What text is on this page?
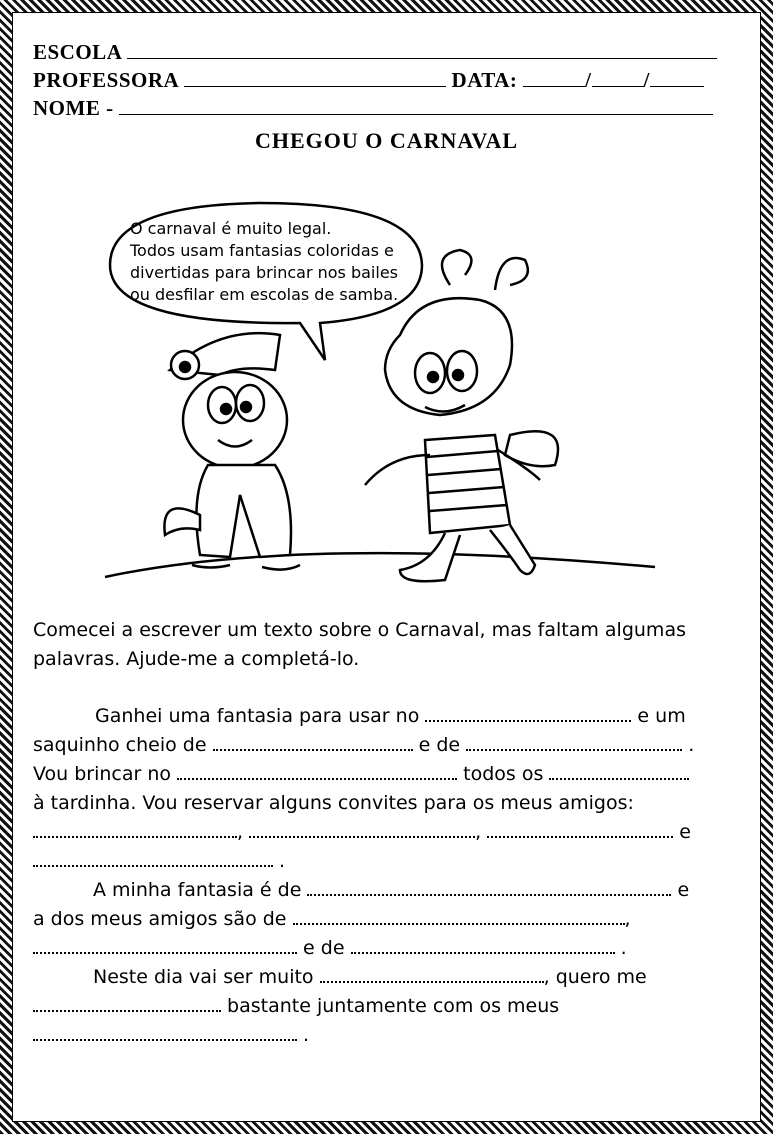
ESCOLA
PROFESSORA	DATA:	/ /
NOME -
CHEGOU O CARNAVAL
O carnaval é muito legal.
Todos usam fantasias coloridas e
divertidas para brincar nos bailes
ou desfilar em escolas de samba.
Comecei a escrever um texto sobre o Carnaval, mas faltam algumas
palavras. Ajude-me a completá-lo.
Ganhei uma fantasia para usar no	e um
saquinho cheio de	e de	.
Vou brincar no	todos os
à tardinha. Vou reservar alguns convites para os meus amigos:
,	,	e
.
A minha fantasia é de	e
a dos meus amigos são de	,
e de	.
Neste dia vai ser muito	, quero me
bastante juntamente com os meus
.
